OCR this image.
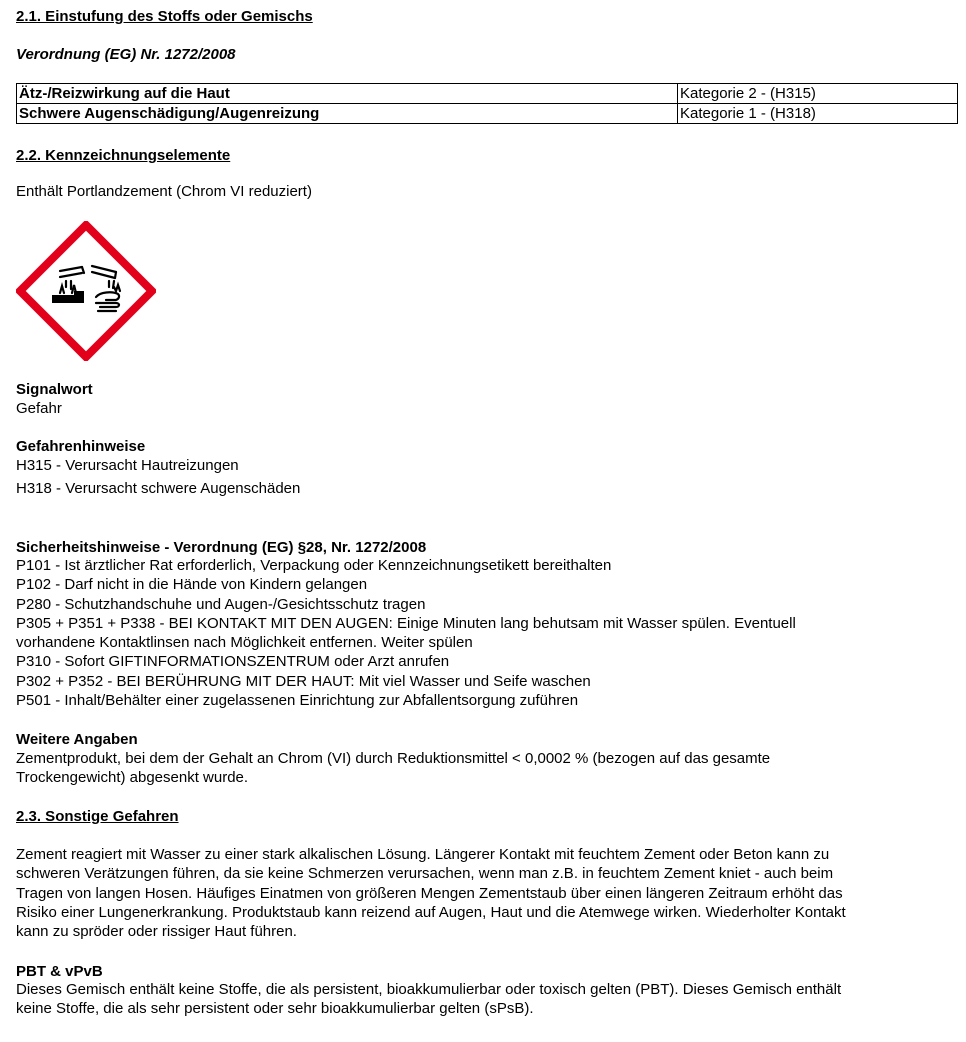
2.1. Einstufung des Stoffs oder Gemischs
Verordnung (EG) Nr. 1272/2008
Ätz-/Reizwirkung auf die Haut	Kategorie 2 - (H315)
Schwere Augenschädigung/Augenreizung	Kategorie 1 - (H318)
2.2. Kennzeichnungselemente
Enthält Portlandzement (Chrom VI reduziert)
Signalwort
Gefahr
Gefahrenhinweise
H315 - Verursacht Hautreizungen
H318 - Verursacht schwere Augenschäden
Sicherheitshinweise - Verordnung (EG) §28, Nr. 1272/2008
P101 - Ist ärztlicher Rat erforderlich, Verpackung oder Kennzeichnungsetikett bereithalten
P102 - Darf nicht in die Hände von Kindern gelangen
P280 - Schutzhandschuhe und Augen-/Gesichtsschutz tragen
P305 + P351 + P338 - BEI KONTAKT MIT DEN AUGEN: Einige Minuten lang behutsam mit Wasser spülen. Eventuell
vorhandene Kontaktlinsen nach Möglichkeit entfernen. Weiter spülen
P310 - Sofort GIFTINFORMATIONSZENTRUM oder Arzt anrufen
P302 + P352 - BEI BERÜHRUNG MIT DER HAUT: Mit viel Wasser und Seife waschen
P501 - Inhalt/Behälter einer zugelassenen Einrichtung zur Abfallentsorgung zuführen
Weitere Angaben
Zementprodukt, bei dem der Gehalt an Chrom (VI) durch Reduktionsmittel < 0,0002 % (bezogen auf das gesamte
Trockengewicht) abgesenkt wurde.
2.3. Sonstige Gefahren
Zement reagiert mit Wasser zu einer stark alkalischen Lösung. Längerer Kontakt mit feuchtem Zement oder Beton kann zu
schweren Verätzungen führen, da sie keine Schmerzen verursachen, wenn man z.B. in feuchtem Zement kniet - auch beim
Tragen von langen Hosen. Häufiges Einatmen von größeren Mengen Zementstaub über einen längeren Zeitraum erhöht das
Risiko einer Lungenerkrankung. Produktstaub kann reizend auf Augen, Haut und die Atemwege wirken. Wiederholter Kontakt
kann zu spröder oder rissiger Haut führen.
PBT & vPvB
Dieses Gemisch enthält keine Stoffe, die als persistent, bioakkumulierbar oder toxisch gelten (PBT). Dieses Gemisch enthält
keine Stoffe, die als sehr persistent oder sehr bioakkumulierbar gelten (sPsB).
